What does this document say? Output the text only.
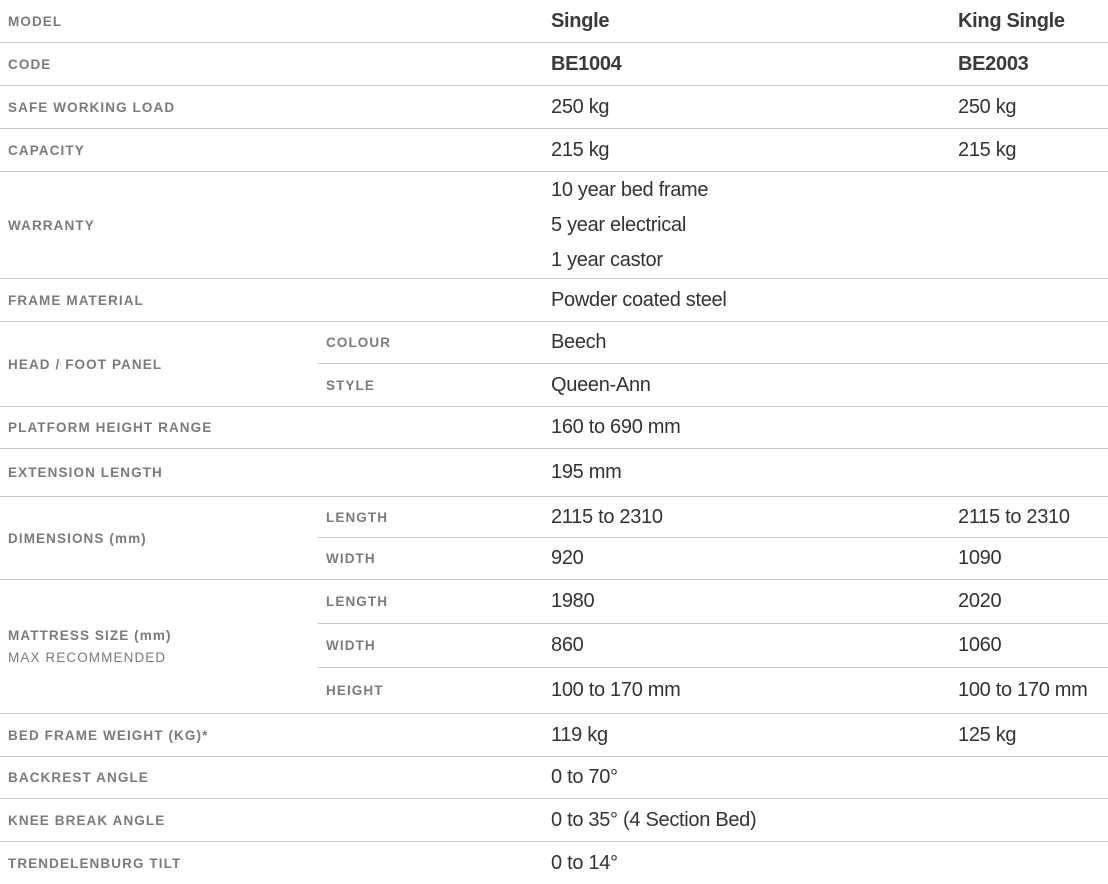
MODEL	Single	King Single
CODE	BE1004	BE2003
SAFE WORKING LOAD	250 kg	250 kg
CAPACITY	215 kg	215 kg
WARRANTY
10 year bed frame
5 year electrical
1 year castor
FRAME MATERIAL	Powder coated steel
HEAD / FOOT PANEL
COLOUR	Beech
STYLE	Queen-Ann
PLATFORM HEIGHT RANGE	160 to 690 mm
EXTENSION LENGTH	195 mm
DIMENSIONS
(mm)
LENGTH	2115 to 2310	2115 to 2310
WIDTH	920	1090
MATTRESS SIZE (mm)
MAX RECOMMENDED
LENGTH	1980	2020
WIDTH	860	1060
HEIGHT	100 to 170 mm	100 to 170 mm
BED FRAME WEIGHT (KG)*	119 kg	125 kg
BACKREST ANGLE	0 to 70°
KNEE BREAK ANGLE	0 to 35° (4 Section Bed)
TRENDELENBURG TILT	0 to 14°
